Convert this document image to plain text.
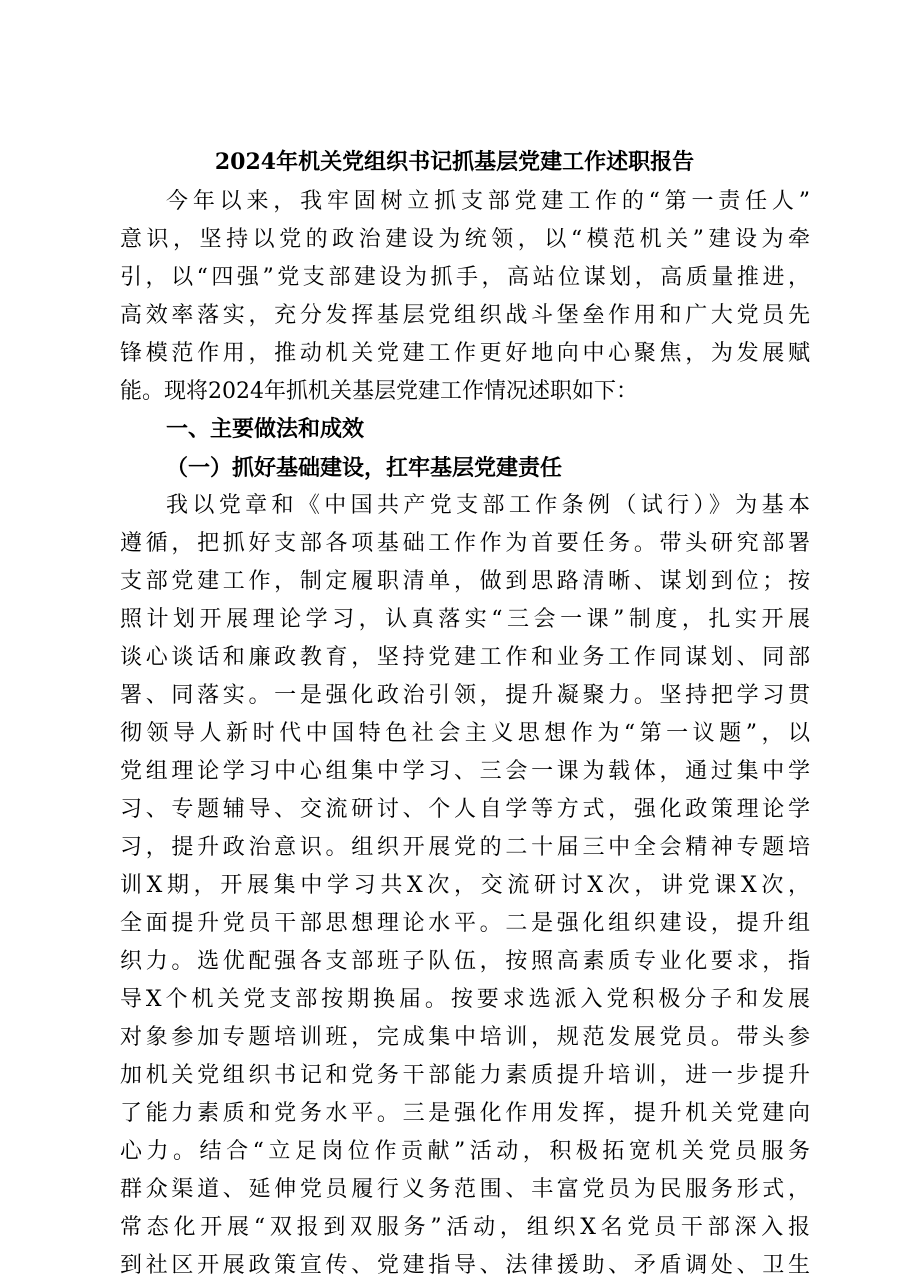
2024年机关党组织书记抓基层党建工作述职报告

今年以来，我牢固树立抓支部党建工作的“第一责任人”

意识，坚持以党的政治建设为统领，以“模范机关”建设为牵

引，以“四强”党支部建设为抓手，高站位谋划，高质量推进，

高效率落实，充分发挥基层党组织战斗堡垒作用和广大党员先

锋模范作用，推动机关党建工作更好地向中心聚焦，为发展赋

能。现将2024年抓机关基层党建工作情况述职如下：

一、主要做法和成效

（一）抓好基础建设，扛牢基层党建责任

我以党章和《中国共产党支部工作条例（试行）》为基本

遵循，把抓好支部各项基础工作作为首要任务。带头研究部署

支部党建工作，制定履职清单，做到思路清晰、谋划到位；按

照计划开展理论学习，认真落实“三会一课”制度，扎实开展

谈心谈话和廉政教育，坚持党建工作和业务工作同谋划、同部

署、同落实。一是强化政治引领，提升凝聚力。坚持把学习贯

彻领导人新时代中国特色社会主义思想作为“第一议题”，以

党组理论学习中心组集中学习、三会一课为载体，通过集中学

习、专题辅导、交流研讨、个人自学等方式，强化政策理论学

习，提升政治意识。组织开展党的二十届三中全会精神专题培

训X期，开展集中学习共X次，交流研讨X次，讲党课X次，

全面提升党员干部思想理论水平。二是强化组织建设，提升组

织力。选优配强各支部班子队伍，按照高素质专业化要求，指

导X个机关党支部按期换届。按要求选派入党积极分子和发展

对象参加专题培训班，完成集中培训，规范发展党员。带头参

加机关党组织书记和党务干部能力素质提升培训，进一步提升

了能力素质和党务水平。三是强化作用发挥，提升机关党建向

心力。结合“立足岗位作贡献”活动，积极拓宽机关党员服务

群众渠道、延伸党员履行义务范围、丰富党员为民服务形式，

常态化开展“双报到双服务”活动，组织X名党员干部深入报

到社区开展政策宣传、党建指导、法律援助、矛盾调处、卫生
